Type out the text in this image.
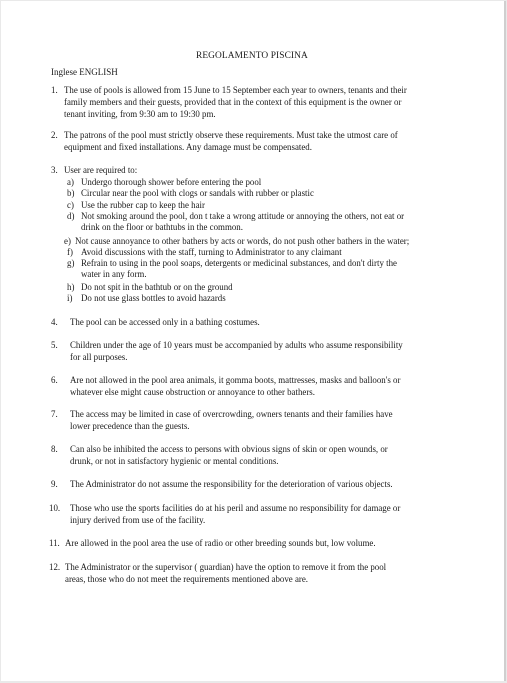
REGOLAMENTO PISCINA
Inglese ENGLISH
1. The use of pools is allowed from 15 June to 15 September each year to owners, tenants and their
family members and their guests, provided that in the context of this equipment is the owner or
tenant inviting, from 9:30 am to 19:30 pm.
2. The patrons of the pool must strictly observe these requirements. Must take the utmost care of
equipment and fixed installations. Any damage must be compensated.
3. User are required to:
a) Undergo thorough shower before entering the pool
b) Circular near the pool with clogs or sandals with rubber or plastic
c) Use the rubber cap to keep the hair
d) Not smoking around the pool, don t take a wrong attitude or annoying the others, not eat or
drink on the floor or bathtubs in the common.
e) Not cause annoyance to other bathers by acts or words, do not push other bathers in the water;
f) Avoid discussions with the staff, turning to Administrator to any claimant
g) Refrain to using in the pool soaps, detergents or medicinal substances, and don't dirty the
water in any form.
h) Do not spit in the bathtub or on the ground
i) Do not use glass bottles to avoid hazards
4. The pool can be accessed only in a bathing costumes.
5. Children under the age of 10 years must be accompanied by adults who assume responsibility
for all purposes.
6. Are not allowed in the pool area animals, it gomma boots, mattresses, masks and balloon's or
whatever else might cause obstruction or annoyance to other bathers.
7. The access may be limited in case of overcrowding, owners tenants and their families have
lower precedence than the guests.
8. Can also be inhibited the access to persons with obvious signs of skin or open wounds, or
drunk, or not in satisfactory hygienic or mental conditions.
9. The Administrator do not assume the responsibility for the deterioration of various objects.
10. Those who use the sports facilities do at his peril and assume no responsibility for damage or
injury derived from use of the facility.
11. Are allowed in the pool area the use of radio or other breeding sounds but, low volume.
12. The Administrator or the supervisor ( guardian) have the option to remove it from the pool
areas, those who do not meet the requirements mentioned above are.
